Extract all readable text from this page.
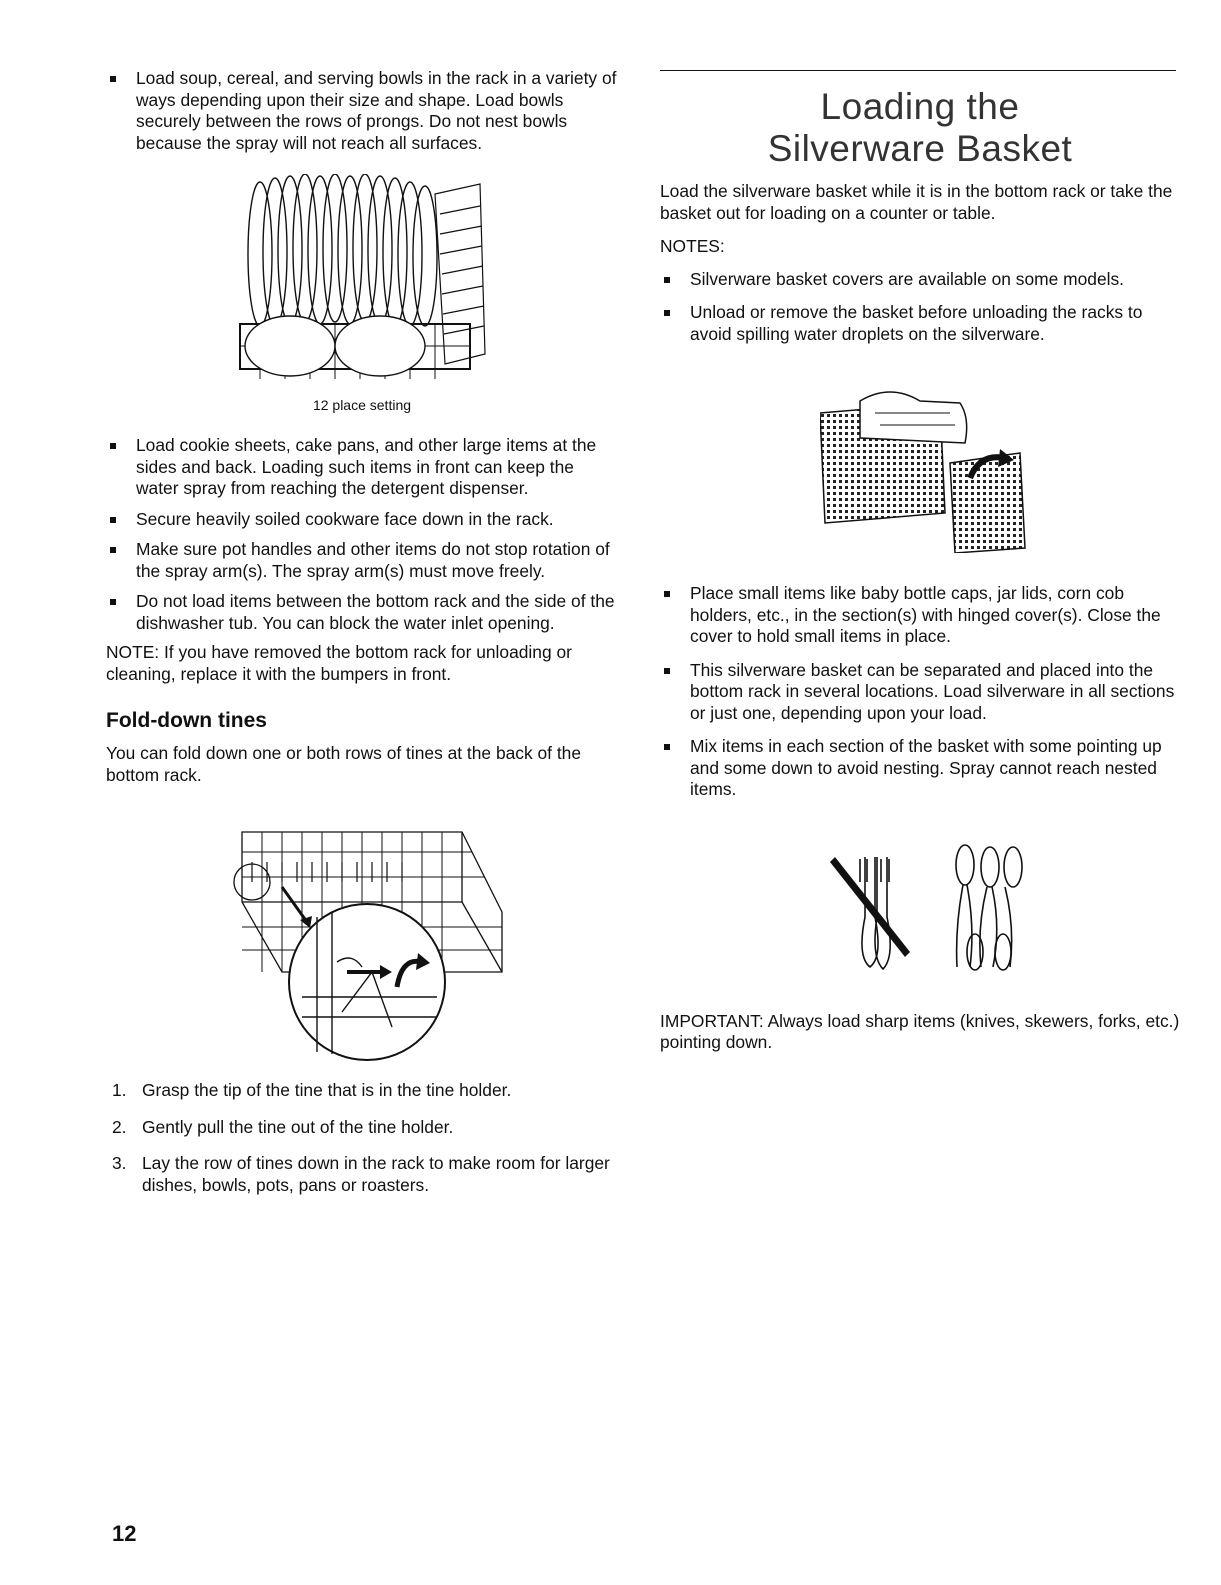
Load soup, cereal, and serving bowls in the rack in a variety of ways depending upon their size and shape. Load bowls securely between the rows of prongs. Do not nest bowls because the spray will not reach all surfaces.

12 place setting

Load cookie sheets, cake pans, and other large items at the sides and back. Loading such items in front can keep the water spray from reaching the detergent dispenser.
Secure heavily soiled cookware face down in the rack.
Make sure pot handles and other items do not stop rotation of the spray arm(s). The spray arm(s) must move freely.
Do not load items between the bottom rack and the side of the dishwasher tub. You can block the water inlet opening.

NOTE: If you have removed the bottom rack for unloading or cleaning, replace it with the bumpers in front.

Fold-down tines

You can fold down one or both rows of tines at the back of the bottom rack.

1. Grasp the tip of the tine that is in the tine holder.
2. Gently pull the tine out of the tine holder.
3. Lay the row of tines down in the rack to make room for larger dishes, bowls, pots, pans or roasters.
Loading the
Silverware Basket

Load the silverware basket while it is in the bottom rack or take the basket out for loading on a counter or table.

NOTES:

Silverware basket covers are available on some models.
Unload or remove the basket before unloading the racks to avoid spilling water droplets on the silverware.
Place small items like baby bottle caps, jar lids, corn cob holders, etc., in the section(s) with hinged cover(s). Close the cover to hold small items in place.
This silverware basket can be separated and placed into the bottom rack in several locations. Load silverware in all sections or just one, depending upon your load.
Mix items in each section of the basket with some pointing up and some down to avoid nesting. Spray cannot reach nested items.

IMPORTANT: Always load sharp items (knives, skewers, forks, etc.) pointing down.

12
